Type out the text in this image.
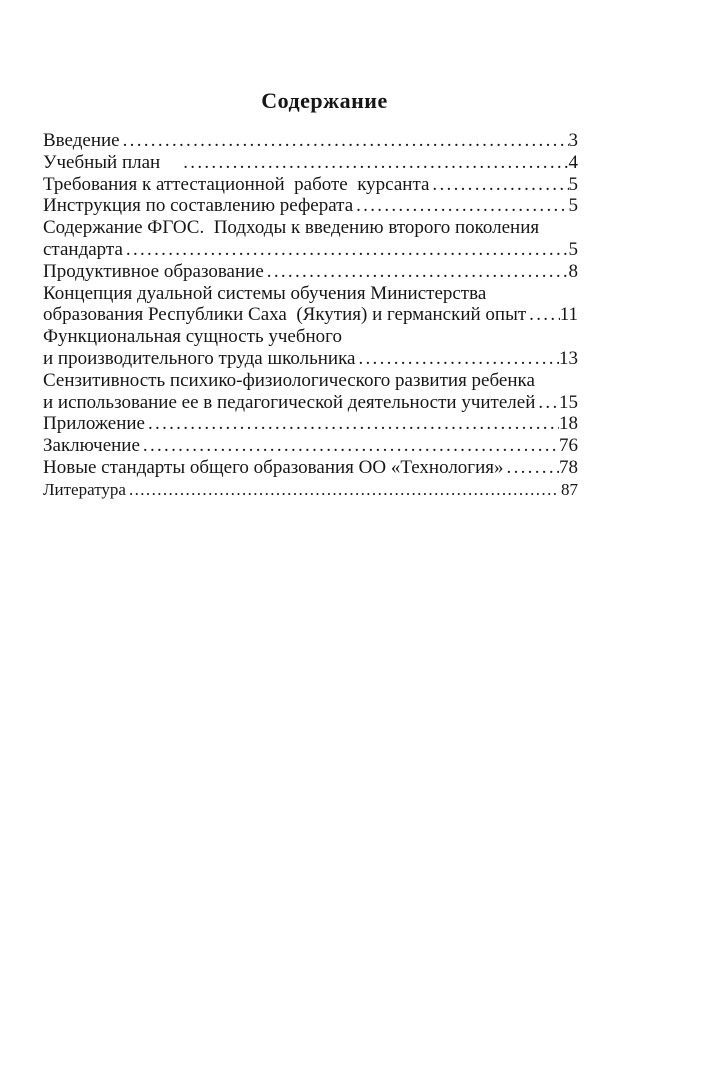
Содержание
Введение .....	3
Учебный план .....	4
Требования к аттестационной  работе  курсанта .....	5
Инструкция по составлению реферата .....	5
Содержание ФГОС.  Подходы к введению второго поколения
стандарта .....	5
Продуктивное образование .....	8
Концепция дуальной системы обучения Министерства
образования Республики Саха  (Якутия) и германский опыт ..... 11
Функциональная сущность учебного
и производительного труда школьника .....	13
Сензитивность психико-физиологического развития ребенка
и использование ее в педагогической деятельности учителей ..... 15
Приложение .....	18
Заключение .....	76
Новые стандарты общего образования ОО «Технология» .....	78
Литература .....	87
